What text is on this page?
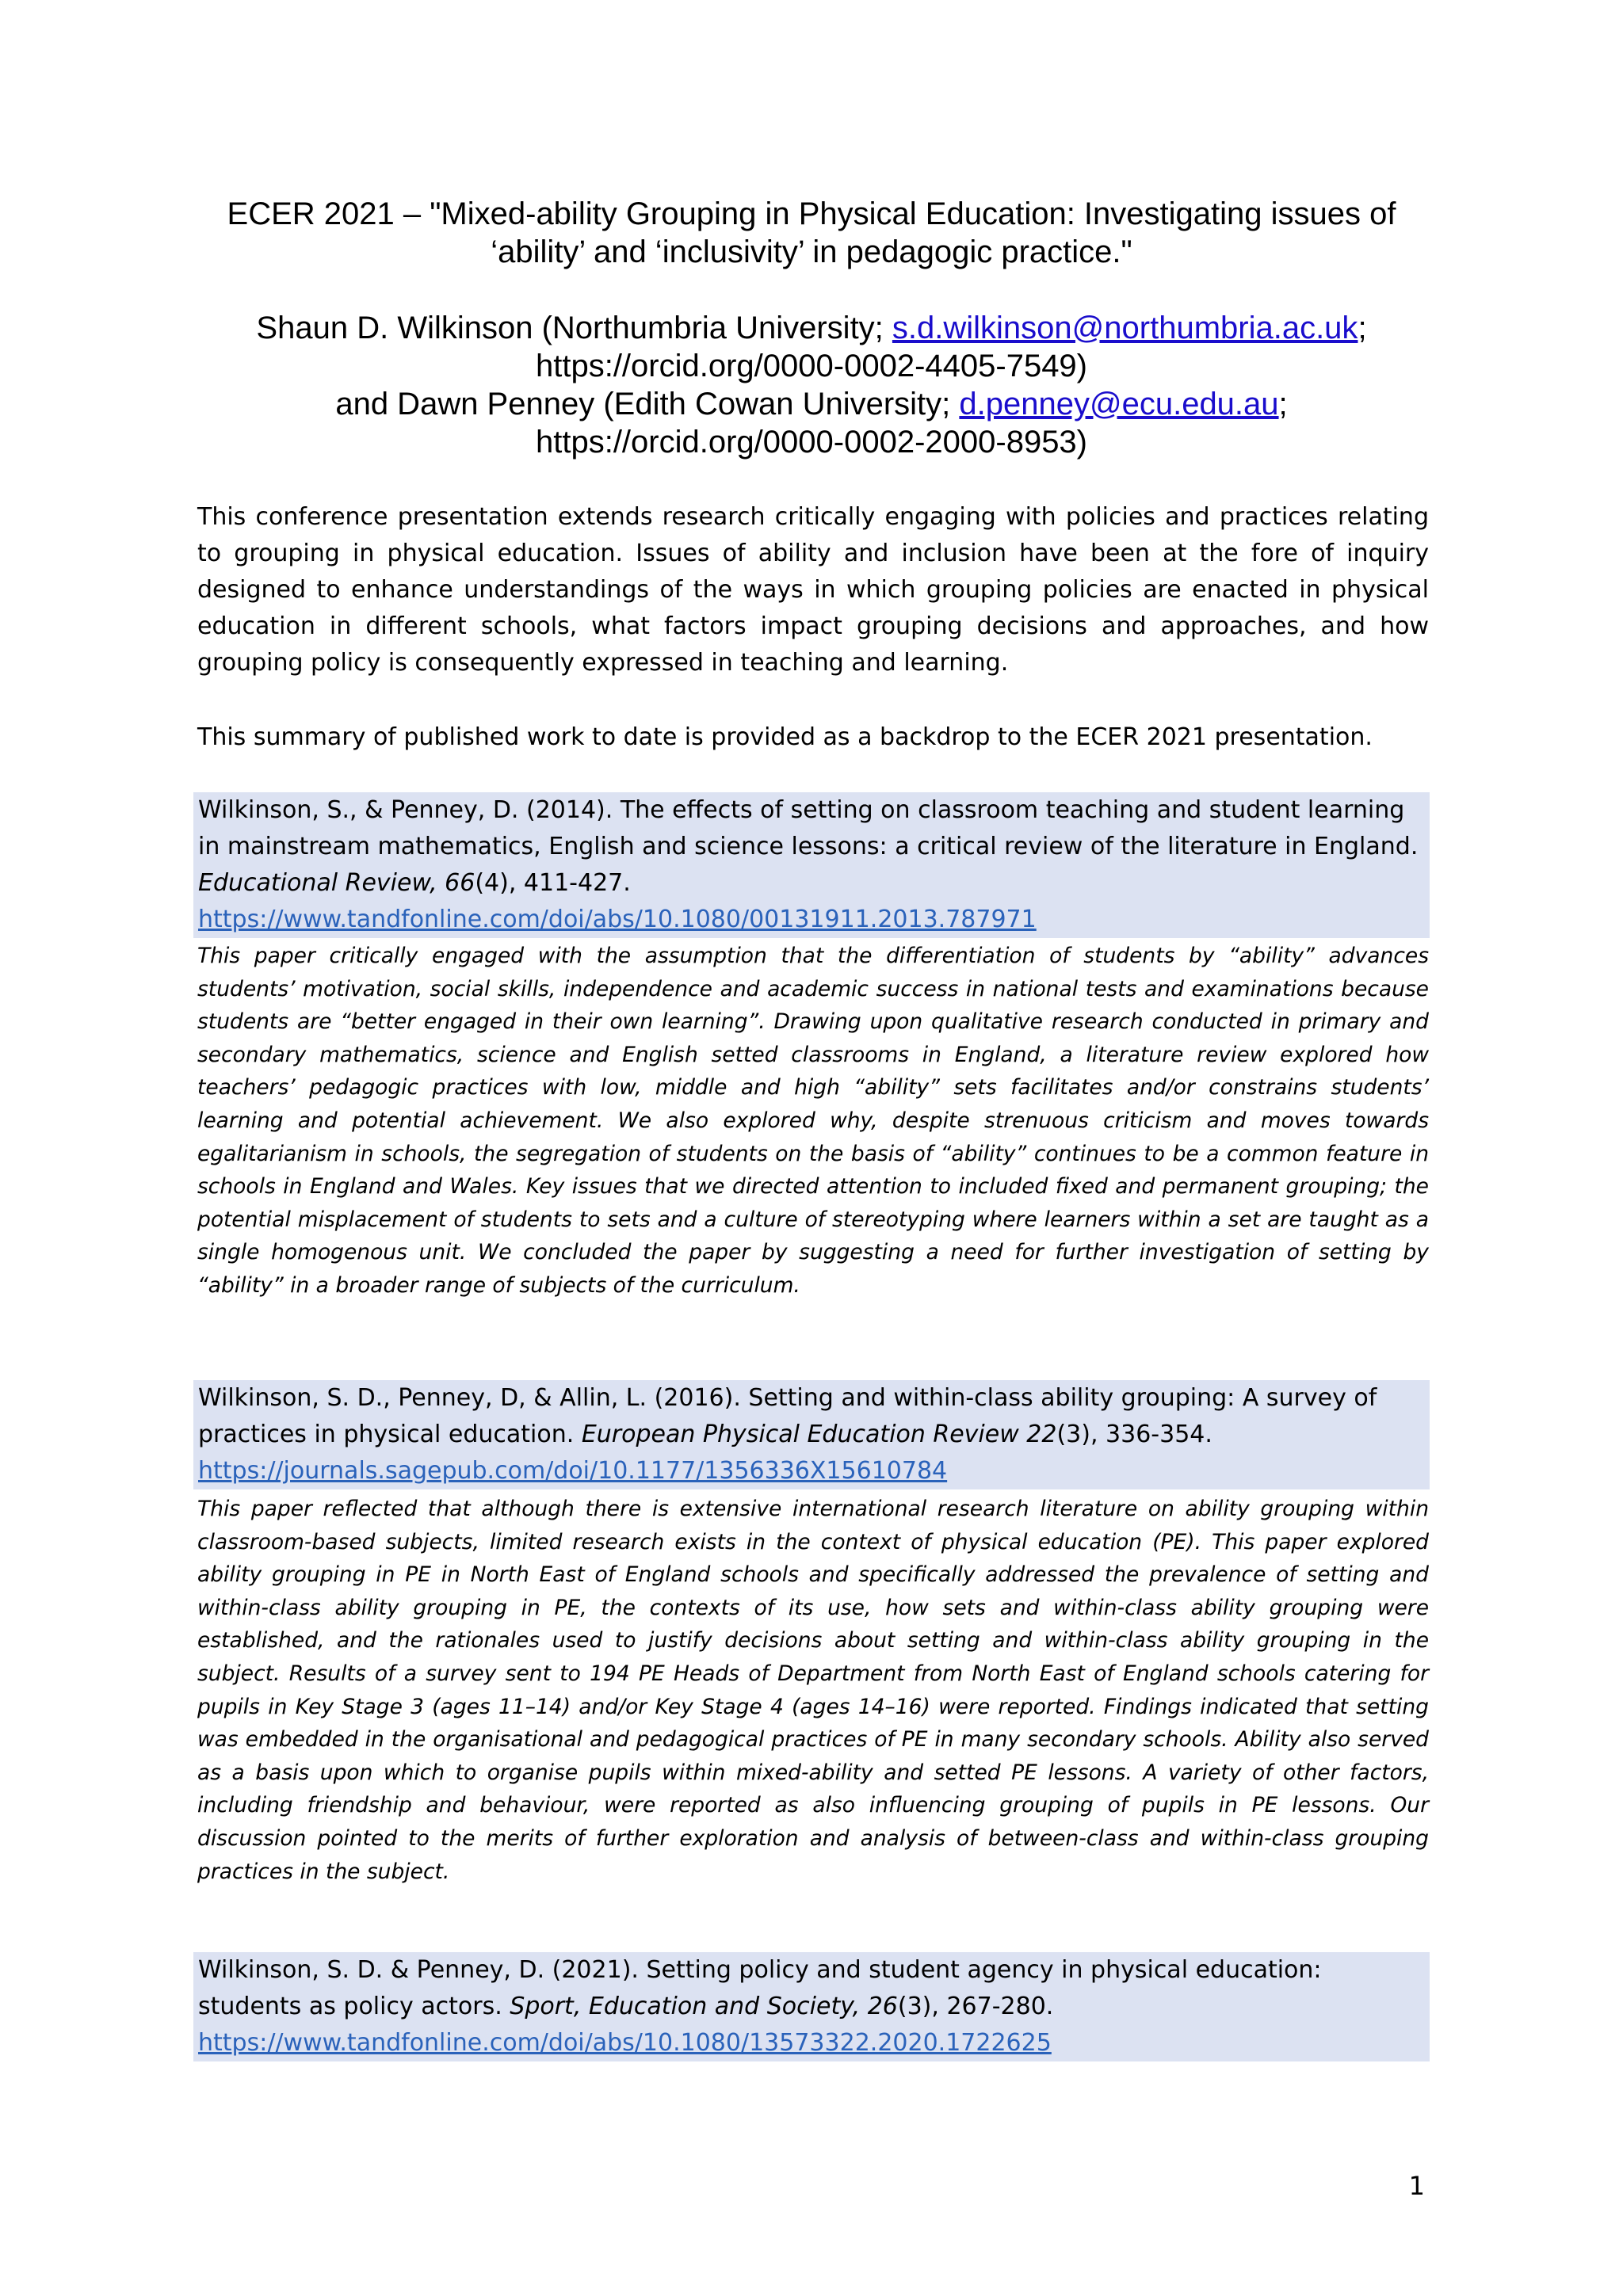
ECER 2021 – "Mixed-ability Grouping in Physical Education: Investigating issues of ‘ability’ and ‘inclusivity’ in pedagogic practice."

Shaun D. Wilkinson (Northumbria University; s.d.wilkinson@northumbria.ac.uk;

https://orcid.org/0000-0002-4405-7549)

and Dawn Penney (Edith Cowan University; d.penney@ecu.edu.au;

https://orcid.org/0000-0002-2000-8953)

This conference presentation extends research critically engaging with policies and practices relating to grouping in physical education. Issues of ability and inclusion have been at the fore of inquiry designed to enhance understandings of the ways in which grouping policies are enacted in physical education in different schools, what factors impact grouping decisions and approaches, and how grouping policy is consequently expressed in teaching and learning.
This summary of published work to date is provided as a backdrop to the ECER 2021 presentation.
Wilkinson, S., & Penney, D. (2014). The effects of setting on classroom teaching and student learning in mainstream mathematics, English and science lessons: a critical review of the literature in England. Educational Review, 66(4), 411-427.
https://www.tandfonline.com/doi/abs/10.1080/00131911.2013.787971
This paper critically engaged with the assumption that the differentiation of students by “ability” advances students’ motivation, social skills, independence and academic success in national tests and examinations because students are “better engaged in their own learning”. Drawing upon qualitative research conducted in primary and secondary mathematics, science and English setted classrooms in England, a literature review explored how teachers’ pedagogic practices with low, middle and high “ability” sets facilitates and/or constrains students’ learning and potential achievement. We also explored why, despite strenuous criticism and moves towards egalitarianism in schools, the segregation of students on the basis of “ability” continues to be a common feature in schools in England and Wales. Key issues that we directed attention to included fixed and permanent grouping; the potential misplacement of students to sets and a culture of stereotyping where learners within a set are taught as a single homogenous unit. We concluded the paper by suggesting a need for further investigation of setting by “ability” in a broader range of subjects of the curriculum.
Wilkinson, S. D., Penney, D, & Allin, L. (2016). Setting and within-class ability grouping: A survey of practices in physical education. European Physical Education Review 22(3), 336-354.
https://journals.sagepub.com/doi/10.1177/1356336X15610784
This paper reflected that although there is extensive international research literature on ability grouping within classroom-based subjects, limited research exists in the context of physical education (PE). This paper explored ability grouping in PE in North East of England schools and specifically addressed the prevalence of setting and within-class ability grouping in PE, the contexts of its use, how sets and within-class ability grouping were established, and the rationales used to justify decisions about setting and within-class ability grouping in the subject. Results of a survey sent to 194 PE Heads of Department from North East of England schools catering for pupils in Key Stage 3 (ages 11–14) and/or Key Stage 4 (ages 14–16) were reported. Findings indicated that setting was embedded in the organisational and pedagogical practices of PE in many secondary schools. Ability also served as a basis upon which to organise pupils within mixed-ability and setted PE lessons. A variety of other factors, including friendship and behaviour, were reported as also influencing grouping of pupils in PE lessons. Our discussion pointed to the merits of further exploration and analysis of between-class and within-class grouping practices in the subject.
Wilkinson, S. D. & Penney, D. (2021). Setting policy and student agency in physical education: students as policy actors. Sport, Education and Society, 26(3), 267-280.
https://www.tandfonline.com/doi/abs/10.1080/13573322.2020.1722625
1
